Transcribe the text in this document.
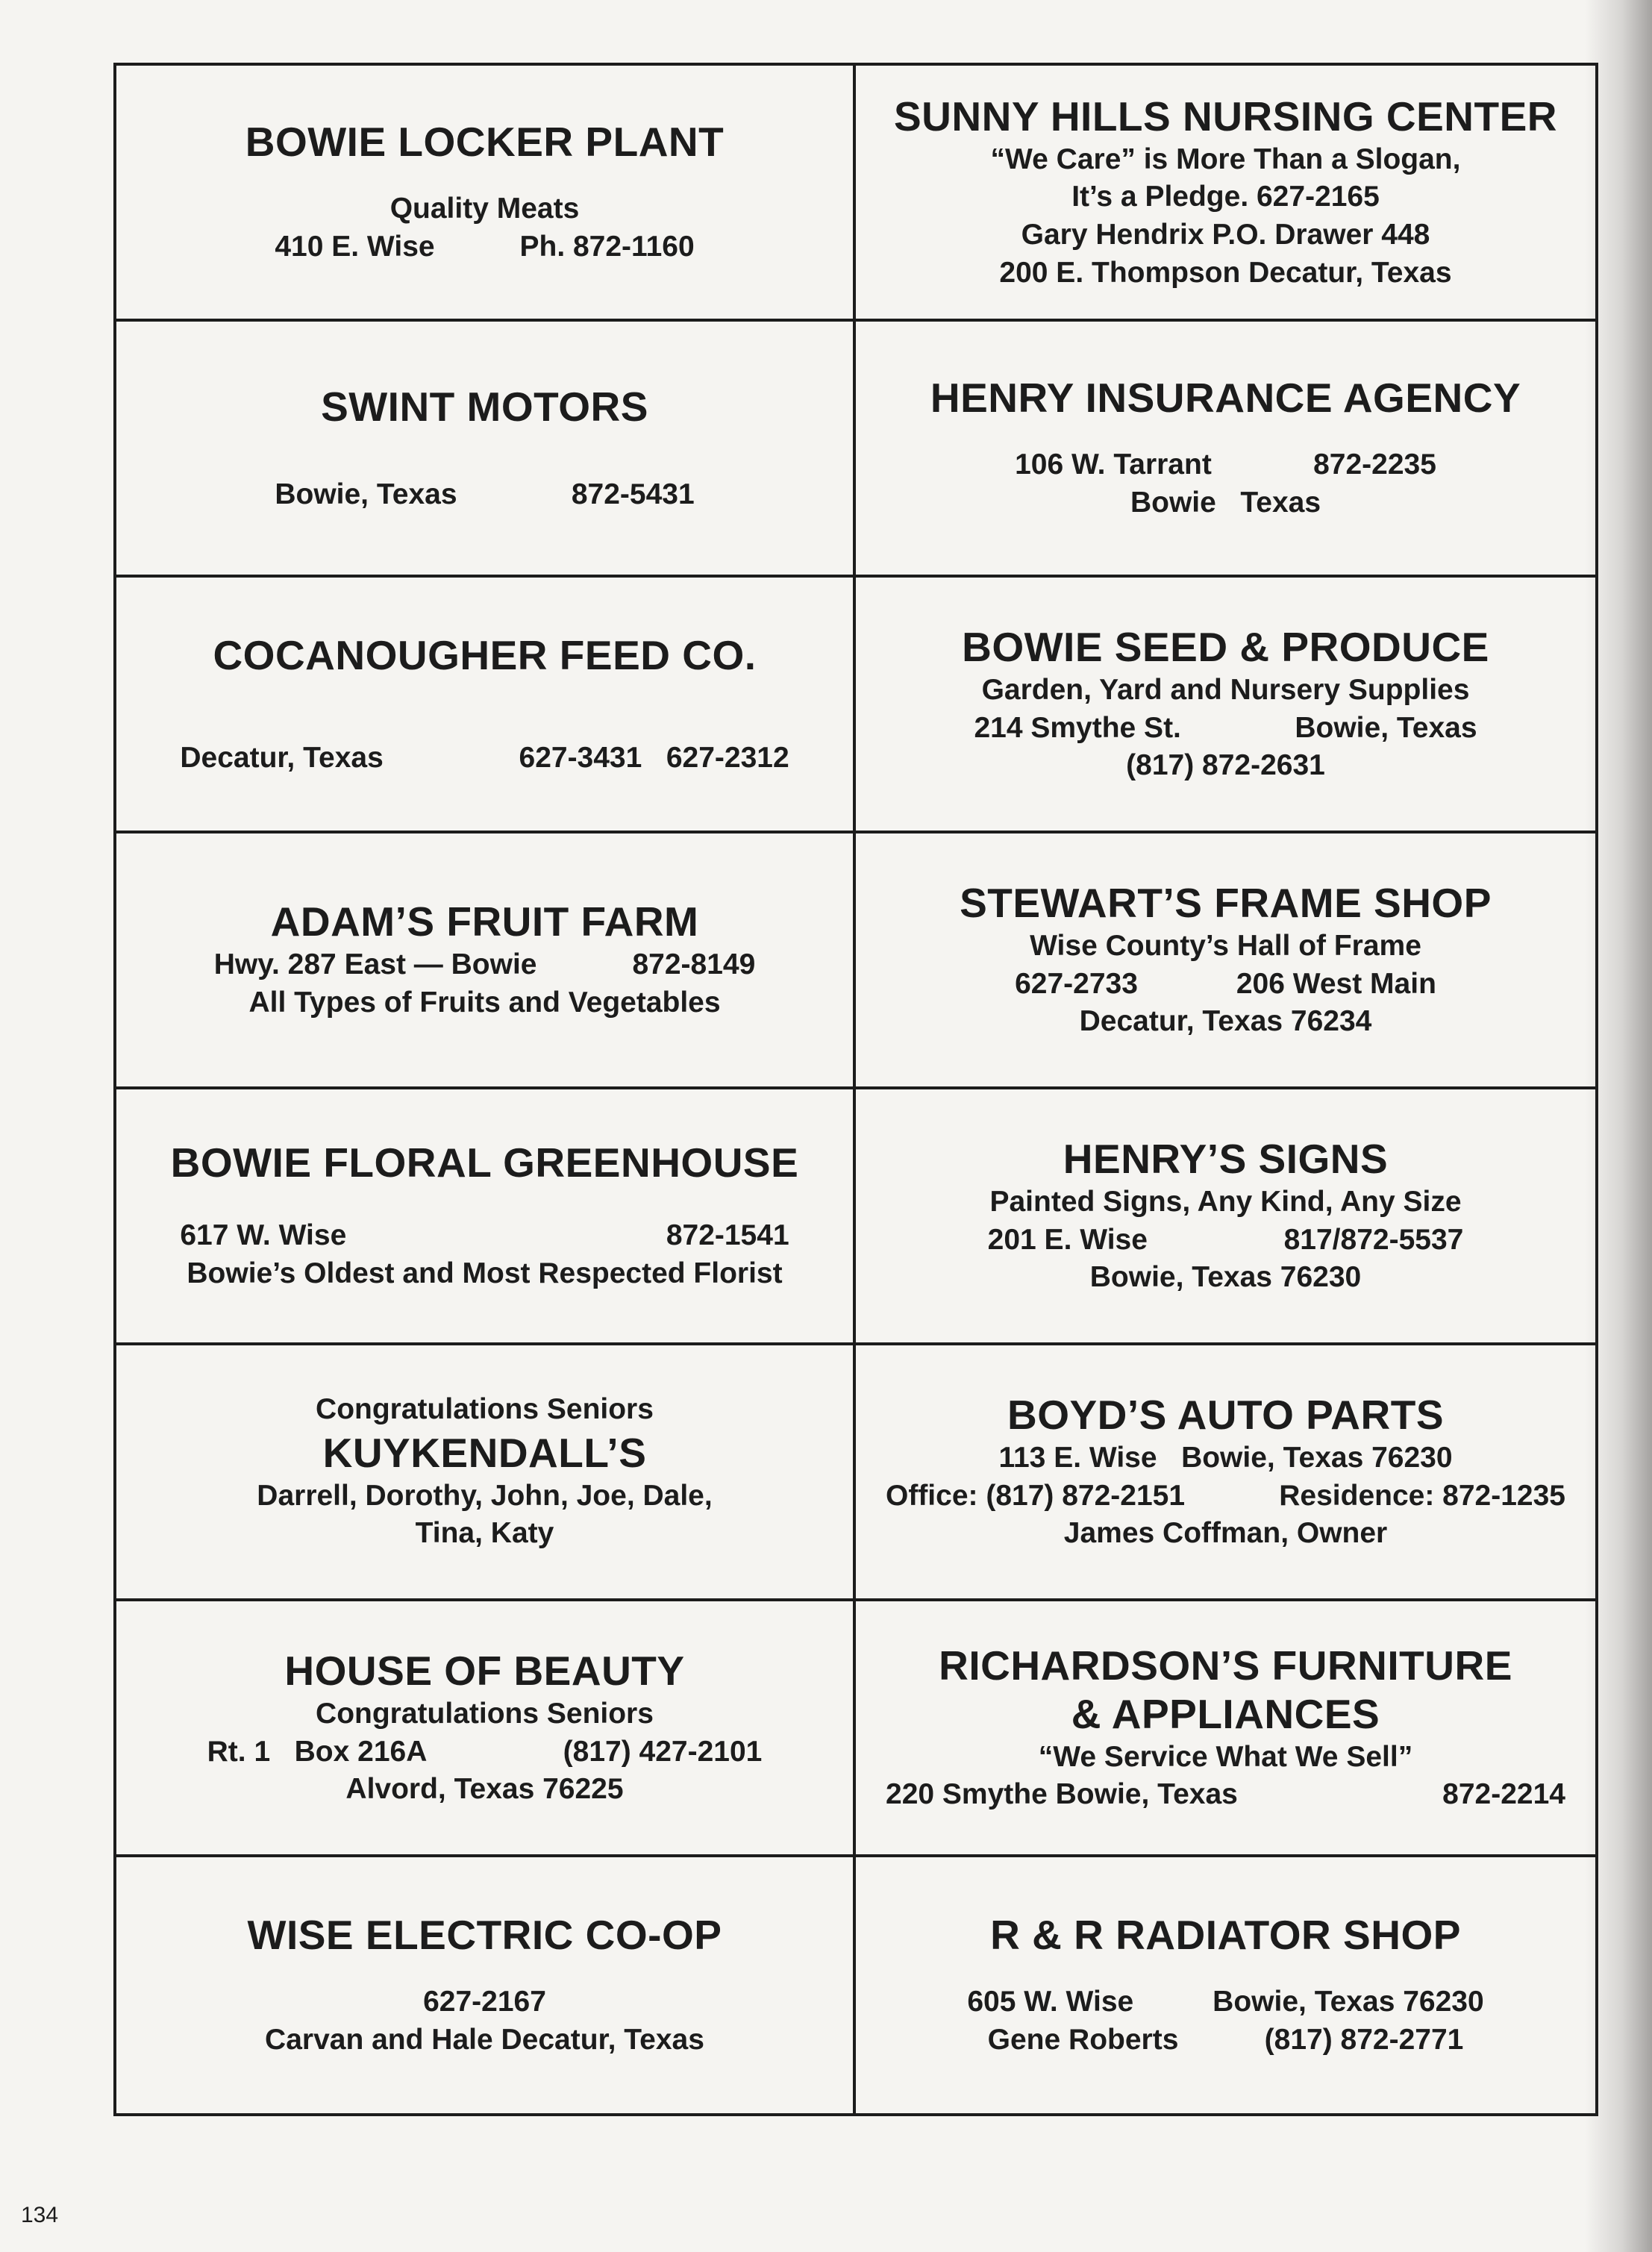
BOWIE LOCKER PLANT
Quality Meats
410 E. Wise	Ph. 872-1160
SUNNY HILLS NURSING CENTER
“We Care” is More Than a Slogan,
It’s a Pledge. 627-2165
Gary Hendrix P.O. Drawer 448
200 E. Thompson Decatur, Texas
SWINT MOTORS
Bowie, Texas	872-5431
HENRY INSURANCE AGENCY
106 W. Tarrant	872-2235
Bowie   Texas
COCANOUGHER FEED CO.
Decatur, Texas	627-3431   627-2312
BOWIE SEED & PRODUCE
Garden, Yard and Nursery Supplies
214 Smythe St.	Bowie, Texas
(817) 872-2631
ADAM’S FRUIT FARM
Hwy. 287 East — Bowie	872-8149
All Types of Fruits and Vegetables
STEWART’S FRAME SHOP
Wise County’s Hall of Frame
627-2733	206 West Main
Decatur, Texas 76234
BOWIE FLORAL GREENHOUSE
617 W. Wise	872-1541
Bowie’s Oldest and Most Respected Florist
HENRY’S SIGNS
Painted Signs, Any Kind, Any Size
201 E. Wise	817/872-5537
Bowie, Texas 76230
Congratulations Seniors
KUYKENDALL’S
Darrell, Dorothy, John, Joe, Dale,
Tina, Katy
BOYD’S AUTO PARTS
113 E. Wise   Bowie, Texas 76230
Office: (817) 872-2151	Residence: 872-1235
James Coffman, Owner
HOUSE OF BEAUTY
Congratulations Seniors
Rt. 1   Box 216A	(817) 427-2101
Alvord, Texas 76225
RICHARDSON’S FURNITURE
& APPLIANCES
“We Service What We Sell”
220 Smythe Bowie, Texas	872-2214
WISE ELECTRIC CO-OP
627-2167
Carvan and Hale Decatur, Texas
R & R RADIATOR SHOP
605 W. Wise	Bowie, Texas 76230
Gene Roberts	(817) 872-2771
134
